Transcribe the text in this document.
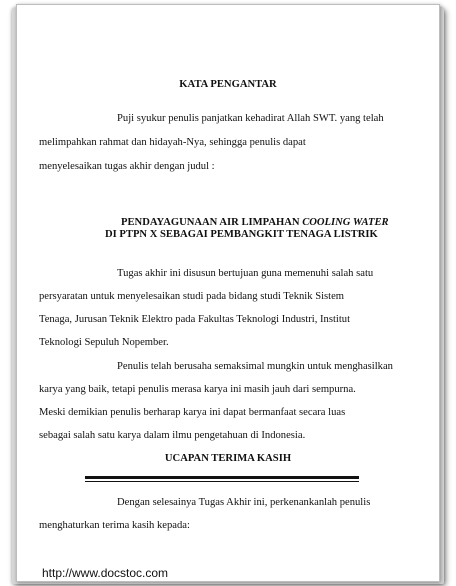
KATA PENGANTAR
Puji syukur penulis panjatkan kehadirat Allah SWT. yang telah
melimpahkan rahmat dan hidayah-Nya, sehingga penulis dapat
menyelesaikan tugas akhir dengan judul :
PENDAYAGUNAAN AIR LIMPAHAN COOLING WATER
DI PTPN X SEBAGAI PEMBANGKIT TENAGA LISTRIK
Tugas akhir ini disusun bertujuan guna memenuhi salah satu
persyaratan untuk menyelesaikan studi pada bidang studi Teknik Sistem
Tenaga, Jurusan Teknik Elektro pada Fakultas Teknologi Industri, Institut
Teknologi Sepuluh Nopember.
Penulis telah berusaha semaksimal mungkin untuk menghasilkan
karya yang baik, tetapi penulis merasa karya ini masih jauh dari sempurna.
Meski demikian penulis berharap karya ini dapat bermanfaat secara luas
sebagai salah satu karya dalam ilmu pengetahuan di Indonesia.
UCAPAN TERIMA KASIH
Dengan selesainya Tugas Akhir ini, perkenankanlah penulis
menghaturkan terima kasih kepada:
http://www.docstoc.com
